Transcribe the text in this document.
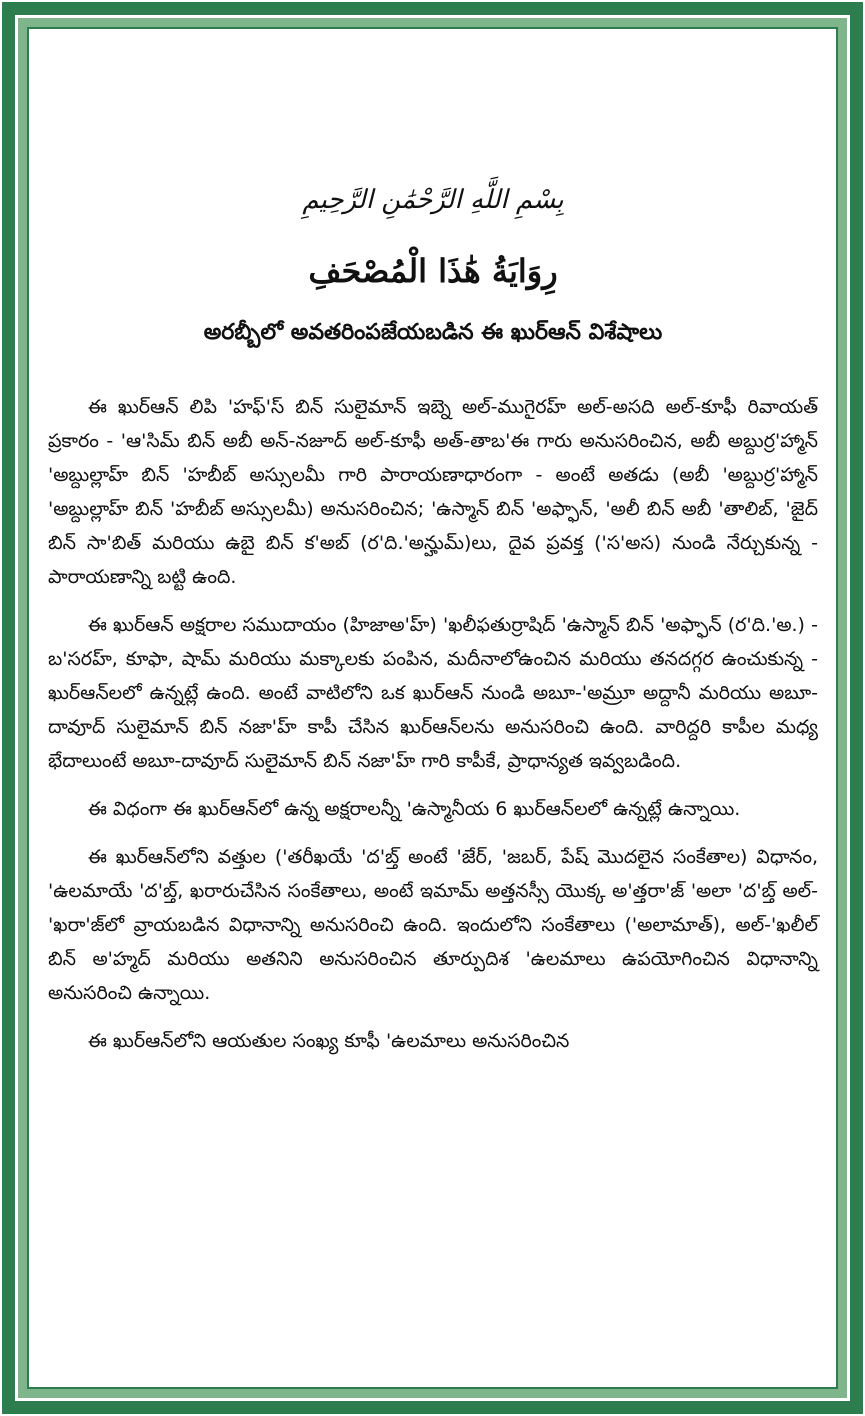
بِسْمِ اللَّهِ الرَّحْمَٰنِ الرَّحِيمِ
رِوَايَةُ هَٰذَا الْمُصْحَفِ
అరబ్బీలో అవతరింపజేయబడిన ఈ ఖుర్ఆన్ విశేషాలు

ఈ ఖుర్ఆన్ లిపి 'హఫ్'స్ బిన్ సులైమాన్ ఇబ్నె అల్-ముగైరహ్ అల్-అసది అల్-కూఫీ రివాయత్ ప్రకారం - 'ఆ'సిమ్ బిన్ అబీ అన్-నజూద్ అల్-కూఫీ అత్-తాబ'ఈ గారు అనుసరించిన, అబీ అబ్దుర్ర'హ్మాన్ 'అబ్దుల్లాహ్ బిన్ 'హబీబ్ అస్సులమీ గారి పారాయణాధారంగా - అంటే అతడు (అబీ 'అబ్దుర్ర'హ్మాన్ 'అబ్దుల్లాహ్ బిన్ 'హబీబ్ అస్సులమీ) అనుసరించిన; 'ఉస్మాన్ బిన్ 'అఫ్ఫాన్, 'అలీ బిన్ అబీ 'తాలిబ్, 'జైద్ బిన్ సా'బిత్ మరియు ఉబై బిన్ క'అబ్ (ర'ది.'అన్హుమ్)లు, దైవ ప్రవక్త ('స'అస) నుండి నేర్చుకున్న - పారాయణాన్ని బట్టి ఉంది.

ఈ ఖుర్ఆన్ అక్షరాల సముదాయం (హిజాఅ'హ్) 'ఖలీఫతుర్రాషిద్ 'ఉస్మాన్ బిన్ 'అఫ్ఫాన్ (ర'ది.'అ.) - బ'సరహ్, కూఫా, షామ్ మరియు మక్కాలకు పంపిన, మదీనాలోఉంచిన మరియు తనదగ్గర ఉంచుకున్న - ఖుర్ఆన్‌లలో ఉన్నట్లే ఉంది. అంటే వాటిలోని ఒక ఖుర్ఆన్ నుండి అబూ-'అమ్రూ అద్దానీ మరియు అబూ-దావూద్ సులైమాన్ బిన్ నజా'హ్ కాపీ చేసిన ఖుర్ఆన్‌లను అనుసరించి ఉంది. వారిద్దరి కాపీల మధ్య భేదాలుంటే అబూ-దావూద్ సులైమాన్ బిన్ నజా'హ్ గారి కాపీకే, ప్రాధాన్యత ఇవ్వబడింది.

ఈ విధంగా ఈ ఖుర్ఆన్‌లో ఉన్న అక్షరాలన్నీ 'ఉస్మానీయ 6 ఖుర్ఆన్‌లలో ఉన్నట్లే ఉన్నాయి.

ఈ ఖుర్ఆన్‌లోని వత్తుల ('తరీఖయే 'ద'బ్త్ అంటే 'జేర్, 'జబర్, పేష్ మొదలైన సంకేతాల) విధానం, 'ఉలమాయే 'ద'బ్త్, ఖరారుచేసిన సంకేతాలు, అంటే ఇమామ్ అత్తనస్సీ యొక్క అ'త్తరా'జ్ 'అలా 'ద'బ్త్ అల్-'ఖరా'జ్‌లో వ్రాయబడిన విధానాన్ని అనుసరించి ఉంది. ఇందులోని సంకేతాలు ('అలామాత్), అల్-'ఖలీల్ బిన్ అ'హ్మద్ మరియు అతనిని అనుసరించిన తూర్పుదిశ 'ఉలమాలు ఉపయోగించిన విధానాన్ని అనుసరించి ఉన్నాయి.

ఈ ఖుర్ఆన్‌లోని ఆయతుల సంఖ్య కూఫీ 'ఉలమాలు అనుసరించిన
